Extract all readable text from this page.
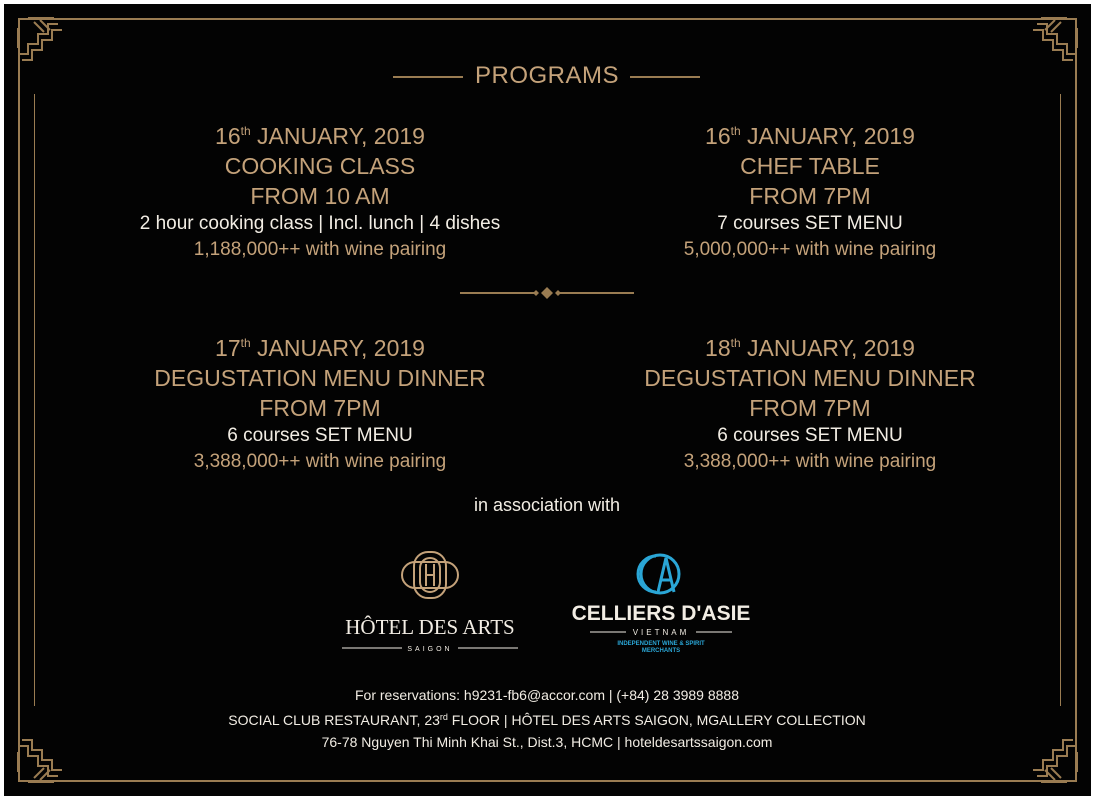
PROGRAMS
16th JANUARY, 2019
COOKING CLASS
FROM 10 AM
2 hour cooking class | Incl. lunch | 4 dishes
1,188,000++ with wine pairing
16th JANUARY, 2019
CHEF TABLE
FROM 7PM
7 courses SET MENU
5,000,000++ with wine pairing
17th JANUARY, 2019
DEGUSTATION MENU DINNER
FROM 7PM
6 courses SET MENU
3,388,000++ with wine pairing
18th JANUARY, 2019
DEGUSTATION MENU DINNER
FROM 7PM
6 courses SET MENU
3,388,000++ with wine pairing
in association with
HÔTEL DES ARTS
SAIGON
CELLIERS D'ASIE
VIETNAM
INDEPENDENT WINE & SPIRIT
MERCHANTS
For reservations: h9231-fb6@accor.com | (+84) 28 3989 8888
SOCIAL CLUB RESTAURANT, 23rd FLOOR | HÔTEL DES ARTS SAIGON, MGALLERY COLLECTION
76-78 Nguyen Thi Minh Khai St., Dist.3, HCMC | hoteldesartssaigon.com
